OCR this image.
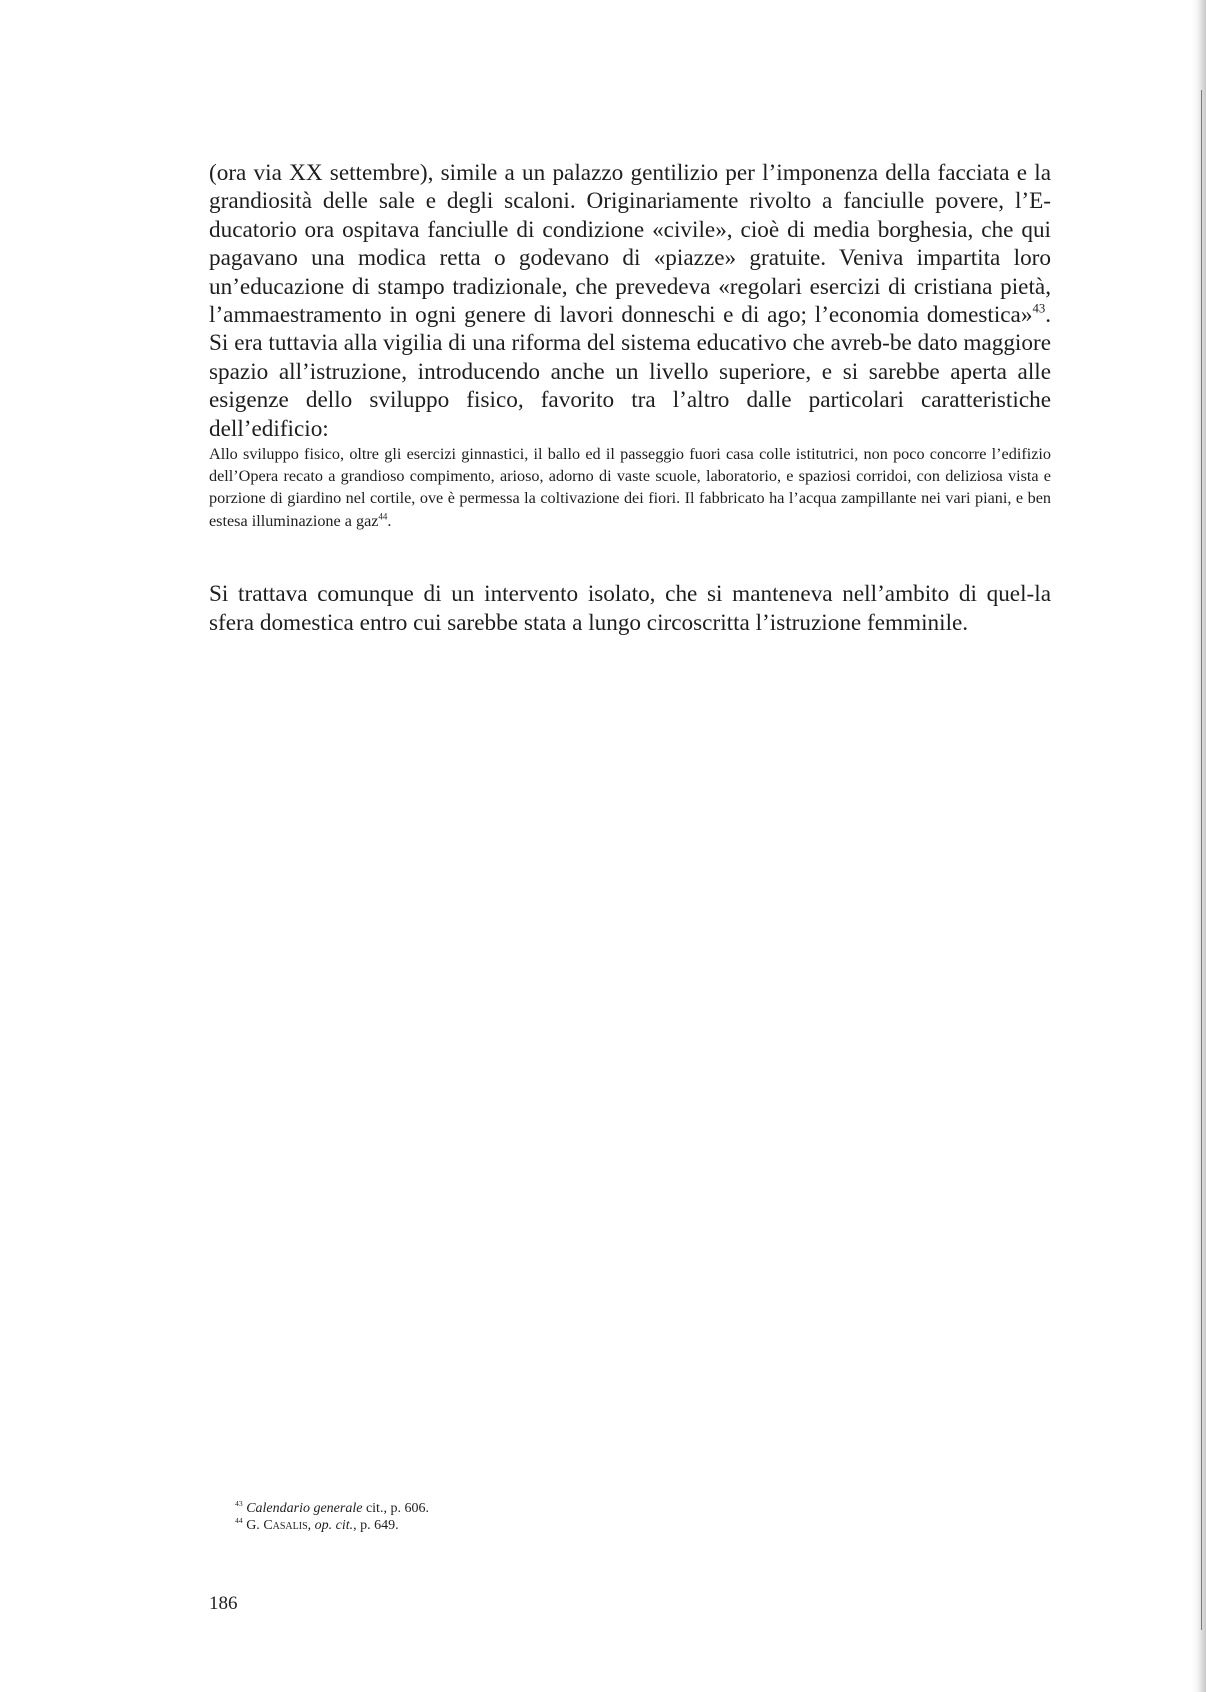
(ora via XX settembre), simile a un palazzo gentilizio per l’imponenza della facciata e la grandiosità delle sale e degli scaloni. Originariamente rivolto a fanciulle povere, l’E-ducatorio ora ospitava fanciulle di condizione «civile», cioè di media borghesia, che qui pagavano una modica retta o godevano di «piazze» gratuite. Veniva impartita loro un’educazione di stampo tradizionale, che prevedeva «regolari esercizi di cristiana pietà, l’ammaestramento in ogni genere di lavori donneschi e di ago; l’economia domestica»$^{43}$. Si era tuttavia alla vigilia di una riforma del sistema educativo che avreb-be dato maggiore spazio all’istruzione, introducendo anche un livello superiore, e si sarebbe aperta alle esigenze dello sviluppo fisico, favorito tra l’altro dalle particolari caratteristiche dell’edificio:

Allo sviluppo fisico, oltre gli esercizi ginnastici, il ballo ed il passeggio fuori casa colle istitutrici, non poco concorre l’edifizio dell’Opera recato a grandioso compimento, arioso, adorno di vaste scuole, laboratorio, e spaziosi corridoi, con deliziosa vista e porzione di giardino nel cortile, ove è permessa la coltivazione dei fiori. Il fabbricato ha l’acqua zampillante nei vari piani, e ben estesa illuminazione a gaz$^{44}$.

Si trattava comunque di un intervento isolato, che si manteneva nell’ambito di quel-la sfera domestica entro cui sarebbe stata a lungo circoscritta l’istruzione femminile.

$^{43}$ Calendario generale cit., p. 606.
$^{44}$ G. Casalis, op. cit., p. 649.
186
